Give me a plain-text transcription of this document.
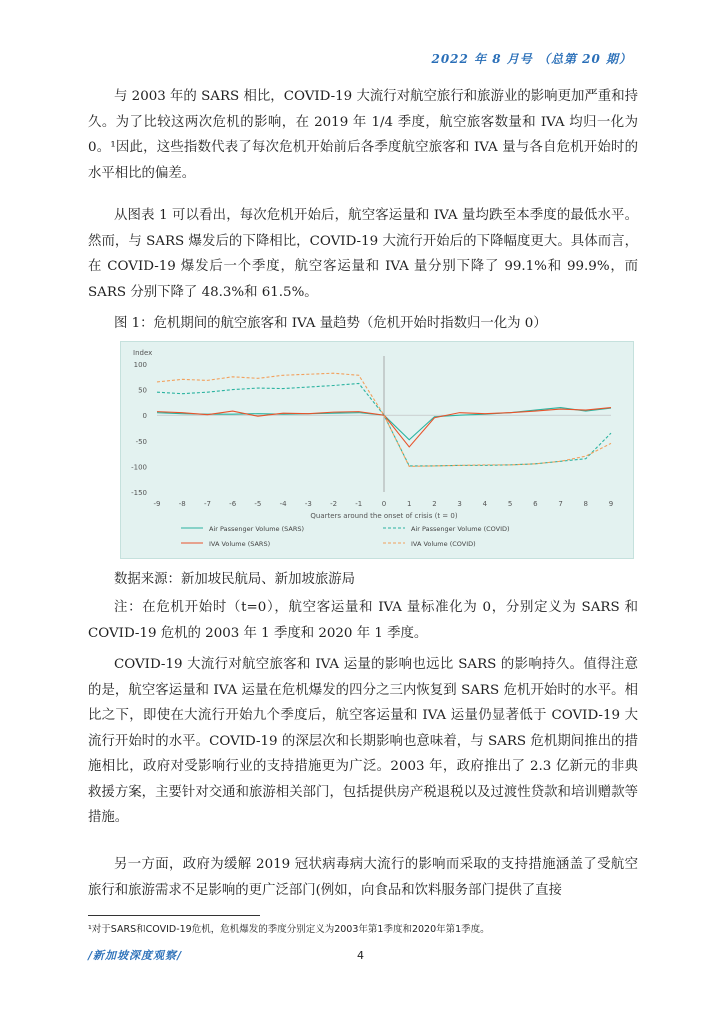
2022 年 8 月号 （总第 20 期）

与 2003 年的 SARS 相比，COVID-19 大流行对航空旅行和旅游业的影响更加严重和持久。为了比较这两次危机的影响，在 2019 年 1/4 季度，航空旅客数量和 IVA 均归一化为 0。¹因此，这些指数代表了每次危机开始前后各季度航空旅客和 IVA 量与各自危机开始时的水平相比的偏差。

从图表 1 可以看出，每次危机开始后，航空客运量和 IVA 量均跌至本季度的最低水平。然而，与 SARS 爆发后的下降相比，COVID-19 大流行开始后的下降幅度更大。具体而言，在 COVID-19 爆发后一个季度，航空客运量和 IVA 量分别下降了 99.1%和 99.9%，而 SARS 分别下降了 48.3%和 61.5%。

图 1：危机期间的航空旅客和 IVA 量趋势（危机开始时指数归一化为 0）
Index
100
50
0
-50
-100
-150
-9	-8	-7	-6	-5	-4	-3	-2	-1	0	1	2	3	4	5	6	7	8	9
Quarters around the onset of crisis (t = 0)
Air Passenger Volume (SARS)	Air Passenger Volume (COVID)
IVA Volume (SARS)	IVA Volume (COVID)
数据来源：新加坡民航局、新加坡旅游局

注：在危机开始时（t=0），航空客运量和 IVA 量标准化为 0，分别定义为 SARS 和 COVID-19 危机的 2003 年 1 季度和 2020 年 1 季度。

COVID-19 大流行对航空旅客和 IVA 运量的影响也远比 SARS 的影响持久。值得注意的是，航空客运量和 IVA 运量在危机爆发的四分之三内恢复到 SARS 危机开始时的水平。相比之下，即使在大流行开始九个季度后，航空客运量和 IVA 运量仍显著低于 COVID-19 大流行开始时的水平。COVID-19 的深层次和长期影响也意味着，与 SARS 危机期间推出的措施相比，政府对受影响行业的支持措施更为广泛。2003 年，政府推出了 2.3 亿新元的非典救援方案，主要针对交通和旅游相关部门，包括提供房产税退税以及过渡性贷款和培训赠款等措施。

另一方面，政府为缓解 2019 冠状病毒病大流行的影响而采取的支持措施涵盖了受航空旅行和旅游需求不足影响的更广泛部门(例如，向食品和饮料服务部门提供了直接

¹对于SARS和COVID-19危机，危机爆发的季度分别定义为2003年第1季度和2020年第1季度。
/新加坡深度观察/	4
